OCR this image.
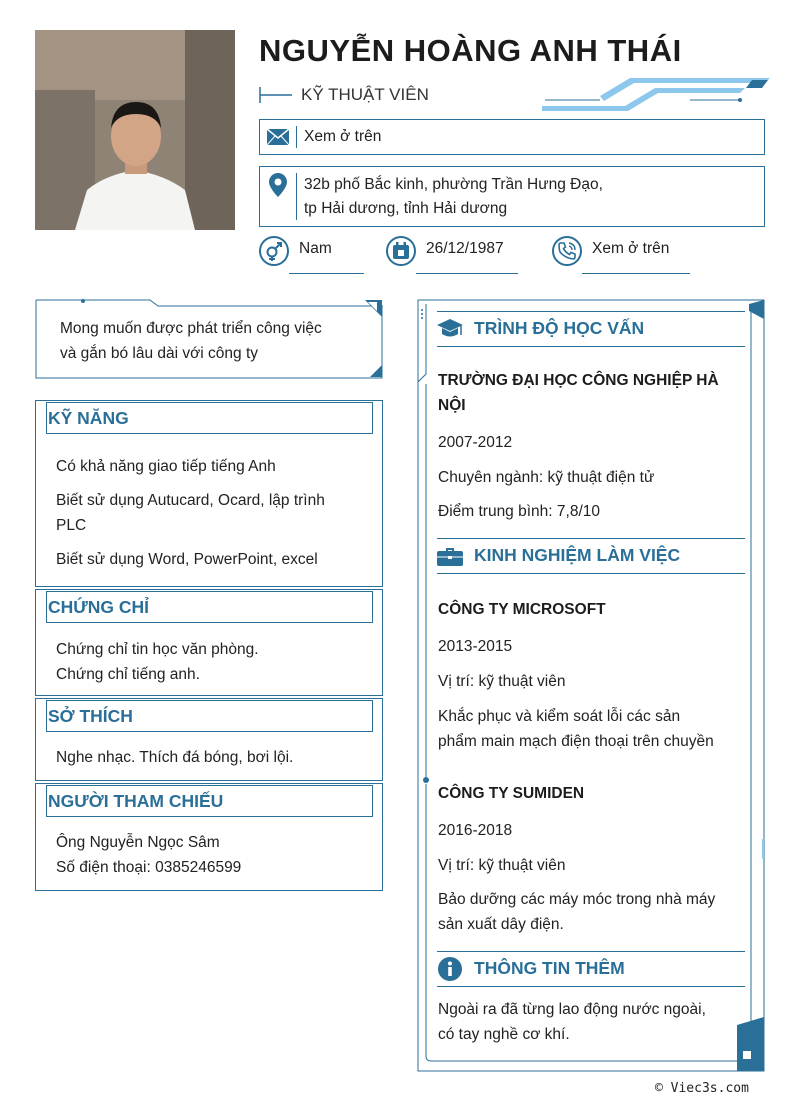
NGUYỄN HOÀNG ANH THÁI
KỸ THUẬT VIÊN
Xem ở trên
32b phố Bắc kinh, phường Trần Hưng Đạo,
tp Hải dương, tỉnh Hải dương
Nam	26/12/1987	Xem ở trên

Mong muốn được phát triển công việc
và gắn bó lâu dài với công ty

KỸ NĂNG
Có khả năng giao tiếp tiếng Anh
Biết sử dụng Autucard, Ocard, lập trình
PLC
Biết sử dụng Word, PowerPoint, excel
CHỨNG CHỈ
Chứng chỉ tin học văn phòng.
Chứng chỉ tiếng anh.
SỞ THÍCH
Nghe nhạc. Thích đá bóng, bơi lội.
NGƯỜI THAM CHIẾU
Ông Nguyễn Ngọc Sâm
Số điện thoại: 0385246599
TRÌNH ĐỘ HỌC VẤN
TRƯỜNG ĐẠI HỌC CÔNG NGHIỆP HÀ
NỘI
2007-2012
Chuyên ngành: kỹ thuật điện tử
Điểm trung bình: 7,8/10
KINH NGHIỆM LÀM VIỆC
CÔNG TY MICROSOFT
2013-2015
Vị trí: kỹ thuật viên
Khắc phục và kiểm soát lỗi các sản
phẩm main mạch điện thoại trên chuyền
CÔNG TY SUMIDEN
2016-2018
Vị trí: kỹ thuật viên
Bảo dưỡng các máy móc trong nhà máy
sản xuất dây điện.
THÔNG TIN THÊM
Ngoài ra đã từng lao động nước ngoài,
có tay nghề cơ khí.
© Viec3s.com
